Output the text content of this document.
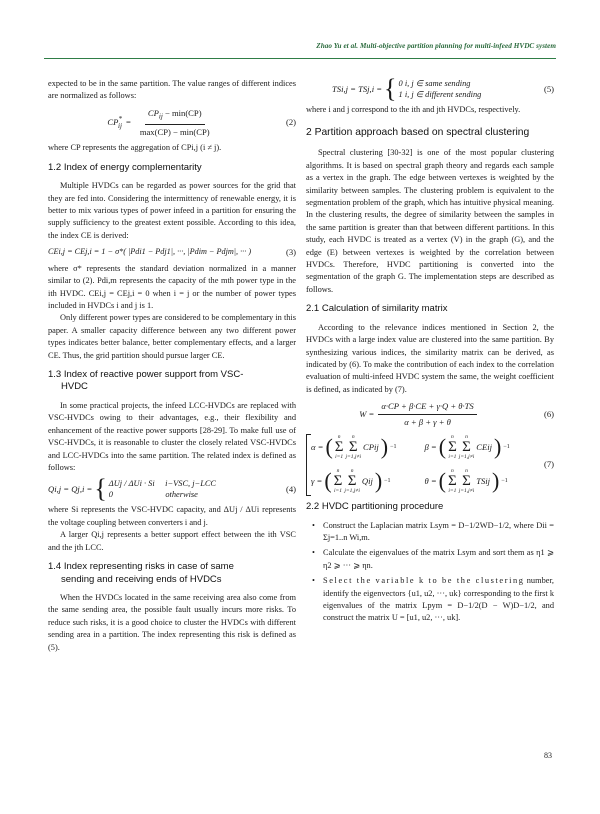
Zhao Yu et al. Multi-objective partition planning for multi-infeed HVDC system

expected to be in the same partition. The value ranges of different indices are normalized as follows:

$CP^*_{ij} = \frac{CP_{ij} - \min(CP)}{\max(CP) - \min(CP)}$	(2)

where CP represents the aggregation of CPi,j (i ≠ j).

1.2 Index of energy complementarity

Multiple HVDCs can be regarded as power sources for the grid that they are fed into. Considering the intermittency of renewable energy, it is better to mix various types of power infeed in a partition for ensuring the supply sufficiency to the greatest extent possible. According to this idea, the index CE is derived:

CEi,j = CEj,i = 1 − σ*( |Pdi1 − Pdj1|, ···, |Pdim − Pdjm|, ··· )	(3)

where σ* represents the standard deviation normalized in a manner similar to (2). Pdi,m represents the capacity of the mth power type in the ith HVDC. CEi,j = CEj,i = 0 when i = j or the number of power types included in HVDCs i and j is 1.

Only different power types are considered to be complementary in this paper. A smaller capacity difference between any two different power types indicates better balance, better complementary effects, and a larger CE. Thus, the grid partition should pursue larger CE.

1.3 Index of reactive power support from VSC-
HVDC

In some practical projects, the infeed LCC-HVDCs are replaced with VSC-HVDCs owing to their advantages, e.g., their flexibility and enhancement of the reactive power supports [28-29]. To make full use of VSC-HVDCs, it is reasonable to cluster the closely related VSC-HVDCs and LCC-HVDCs into the same partition. The related index is defined as follows:

Qi,j = Qj,i = { ΔUj / ΔUi · Si     i−VSC, j−LCC
0                         otherwise
(4)

where Si represents the VSC-HVDC capacity, and ΔUj / ΔUi represents the voltage coupling between converters i and j.

A larger Qi,j represents a better support effect between the ith VSC and the jth LCC.

1.4 Index representing risks in case of same
sending and receiving ends of HVDCs

When the HVDCs located in the same receiving area also come from the same sending area, the possible fault usually incurs more risks. To reduce such risks, it is a good choice to cluster the HVDCs with different sending area in a partition. The index representing this risk is defined as (5).

TSi,j = TSj,i = { 0 i, j ∈ same sending
1 i, j ∈ different sending
(5)

where i and j correspond to the ith and jth HVDCs, respectively.

2 Partition approach based on spectral clustering

Spectral clustering [30-32] is one of the most popular clustering algorithms. It is based on spectral graph theory and regards each sample as a vertex in the graph. The edge between vertexes is weighted by the similarity between samples. The clustering problem is equivalent to the segmentation problem of the graph, which has intuitive physical meaning. In the clustering results, the degree of similarity between the samples in the same partition is greater than that between different partitions. In this study, each HVDC is treated as a vertex (V) in the graph (G), and the edge (E) between vertexes is weighted by the correlation between HVDCs. Therefore, HVDC partitioning is converted into the segmentation of the graph G. The implementation steps are described as follows.

2.1 Calculation of similarity matrix

According to the relevance indices mentioned in Section 2, the HVDCs with a large index value are clustered into the same partition. By synthesizing various indices, the similarity matrix can be derived, as indicated by (6). To make the contribution of each index to the correlation evaluation of multi-infeed HVDC system the same, the weight coefficient is defined, as indicated by (7).

$W = \frac{\alpha\cdot CP + \beta\cdot CE + \gamma\cdot Q + \theta\cdot TS}{\alpha + \beta + \gamma + \theta}$	(6)
α = ( n
Σ
i=1
n
Σ
j=1,j≠i
CPij ) −1	β = ( n
Σ
i=1
n
Σ
j=1,j≠i
CEij ) −1
γ = ( n
Σ
i=1
n
Σ
j=1,j≠i
Qij ) −1	θ = ( n
Σ
i=1
n
Σ
j=1,j≠i
TSij ) −1
(7)
2.2 HVDC partitioning procedure
• Construct the Laplacian matrix Lsym = D−1/2WD−1/2, where Dii = Σj=1..n Wi,m.
• Calculate the eigenvalues of the matrix Lsym and sort them as η1 ⩾ η2 ⩾ ··· ⩾ ηn.
• Select the variable k to be the clustering number, identify the eigenvectors {u1, u2, ···, uk} corresponding to the first k eigenvalues of the matrix Lpym = D−1/2(D − W)D−1/2, and construct the matrix U = [u1, u2, ···, uk].
83
